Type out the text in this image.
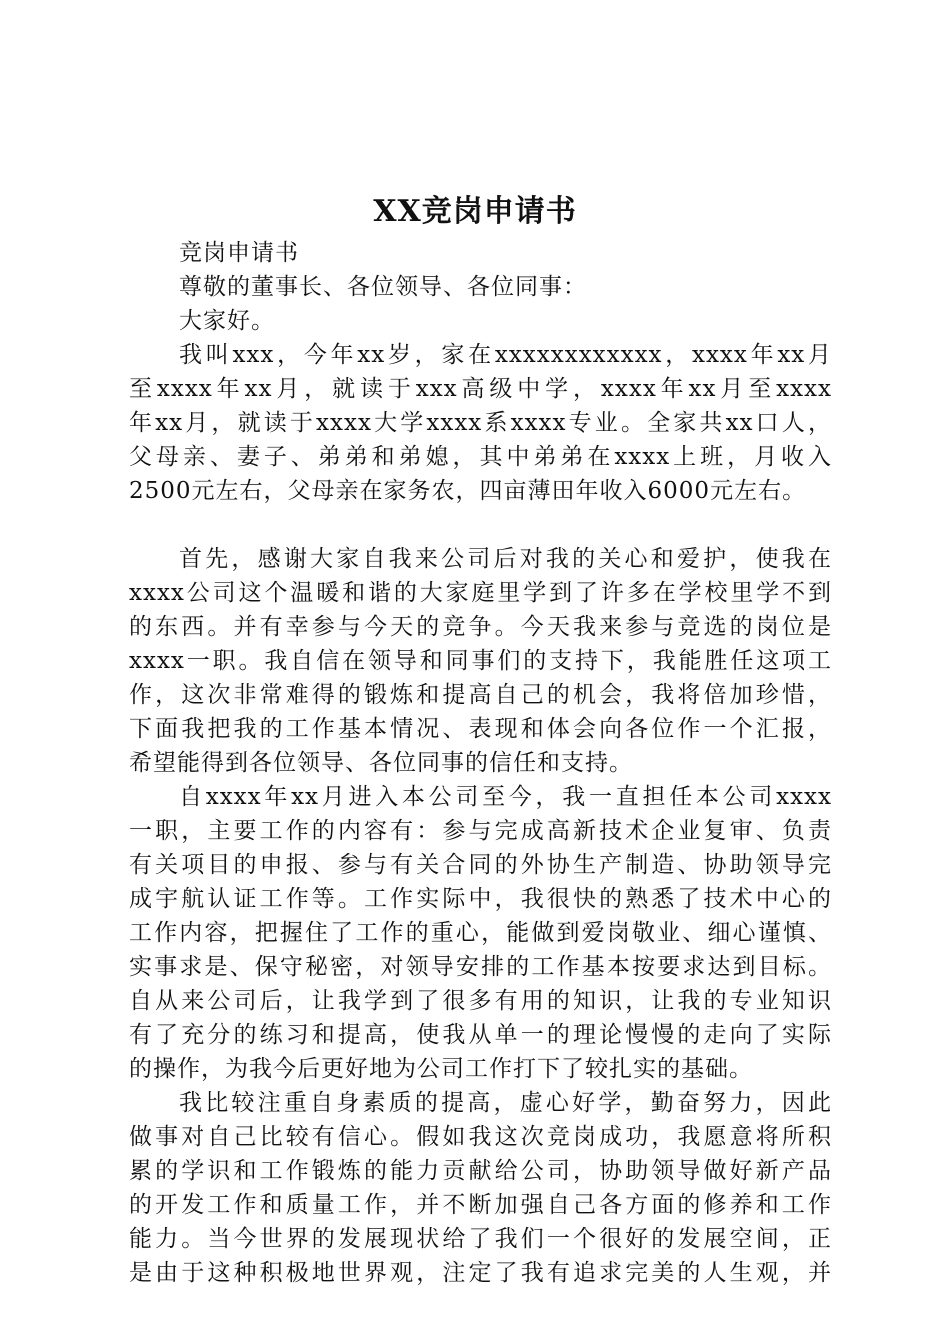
XX竞岗申请书

竞岗申请书

尊敬的董事长、各位领导、各位同事：

大家好。

我叫xxx，今年xx岁，家在xxxxxxxxxxxx，xxxx年xx月

至xxxx年xx月，就读于xxx高级中学，xxxx年xx月至xxxx

年xx月，就读于xxxx大学xxxx系xxxx专业。全家共xx口人，

父母亲、妻子、弟弟和弟媳，其中弟弟在xxxx上班，月收入

2500元左右，父母亲在家务农，四亩薄田年收入6000元左右。

首先，感谢大家自我来公司后对我的关心和爱护，使我在

xxxx公司这个温暖和谐的大家庭里学到了许多在学校里学不到

的东西。并有幸参与今天的竞争。今天我来参与竞选的岗位是

xxxx一职。我自信在领导和同事们的支持下，我能胜任这项工

作，这次非常难得的锻炼和提高自己的机会，我将倍加珍惜，

下面我把我的工作基本情况、表现和体会向各位作一个汇报，

希望能得到各位领导、各位同事的信任和支持。

自xxxx年xx月进入本公司至今，我一直担任本公司xxxx

一职，主要工作的内容有：参与完成高新技术企业复审、负责

有关项目的申报、参与有关合同的外协生产制造、协助领导完

成宇航认证工作等。工作实际中，我很快的熟悉了技术中心的

工作内容，把握住了工作的重心，能做到爱岗敬业、细心谨慎、

实事求是、保守秘密，对领导安排的工作基本按要求达到目标。

自从来公司后，让我学到了很多有用的知识，让我的专业知识

有了充分的练习和提高，使我从单一的理论慢慢的走向了实际

的操作，为我今后更好地为公司工作打下了较扎实的基础。

我比较注重自身素质的提高，虚心好学，勤奋努力，因此

做事对自己比较有信心。假如我这次竞岗成功，我愿意将所积

累的学识和工作锻炼的能力贡献给公司，协助领导做好新产品

的开发工作和质量工作，并不断加强自己各方面的修养和工作

能力。当今世界的发展现状给了我们一个很好的发展空间，正

是由于这种积极地世界观，注定了我有追求完美的人生观，并
